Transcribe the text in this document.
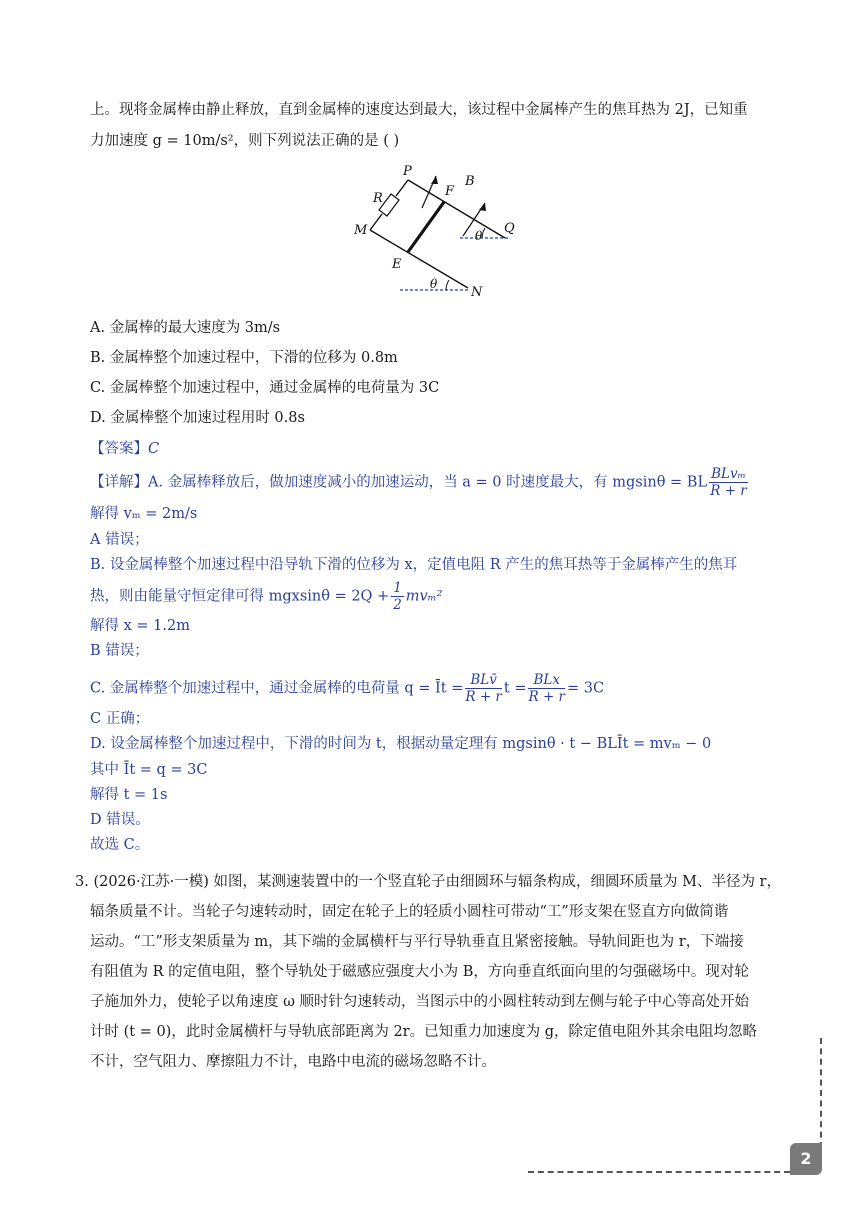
上。现将金属棒由静止释放，直到金属棒的速度达到最大，该过程中金属棒产生的焦耳热为 2J，已知重
力加速度 g = 10m/s²，则下列说法正确的是 ( )
P
B
F
R
M
E
Q
N
θ
θ
A. 金属棒的最大速度为 3m/s
B. 金属棒整个加速过程中，下滑的位移为 0.8m
C. 金属棒整个加速过程中，通过金属棒的电荷量为 3C
D. 金属棒整个加速过程用时 0.8s
【答案】C
【详解】A. 金属棒释放后，做加速度减小的加速运动，当 a = 0 时速度最大，有 mgsinθ = BL $\frac{\text{BLvₘ}}{R + r}$
解得 vₘ = 2m/s
A 错误；
B. 设金属棒整个加速过程中沿导轨下滑的位移为 x，定值电阻 R 产生的焦耳热等于金属棒产生的焦耳
热，则由能量守恒定律可得 $mgxsin\theta = 2Q + \frac{1}{2} mv_m^2$
解得 x = 1.2m
B 错误；
C. 金属棒整个加速过程中，通过金属棒的电荷量 q = Īt = $\frac{\text{BLv̄}}{R + r}$ $t = \frac{\text{BLx}}{R + r} = 3C$
C 正确；
D. 设金属棒整个加速过程中，下滑的时间为 t，根据动量定理有 mgsinθ · t − BLĪt = mvₘ − 0
其中 Īt = q = 3C
解得 t = 1s
D 错误。
故选 C。
3. (2026·江苏·一模) 如图，某测速装置中的一个竖直轮子由细圆环与辐条构成，细圆环质量为 M、半径为 r，
辐条质量不计。当轮子匀速转动时，固定在轮子上的轻质小圆柱可带动“工”形支架在竖直方向做简谐
运动。“工”形支架质量为 m，其下端的金属横杆与平行导轨垂直且紧密接触。导轨间距也为 r，下端接
有阻值为 R 的定值电阻，整个导轨处于磁感应强度大小为 B，方向垂直纸面向里的匀强磁场中。现对轮
子施加外力，使轮子以角速度 ω 顺时针匀速转动，当图示中的小圆柱转动到左侧与轮子中心等高处开始
计时 (t = 0)，此时金属横杆与导轨底部距离为 2r。已知重力加速度为 g，除定值电阻外其余电阻均忽略
不计，空气阻力、摩擦阻力不计，电路中电流的磁场忽略不计。
2
